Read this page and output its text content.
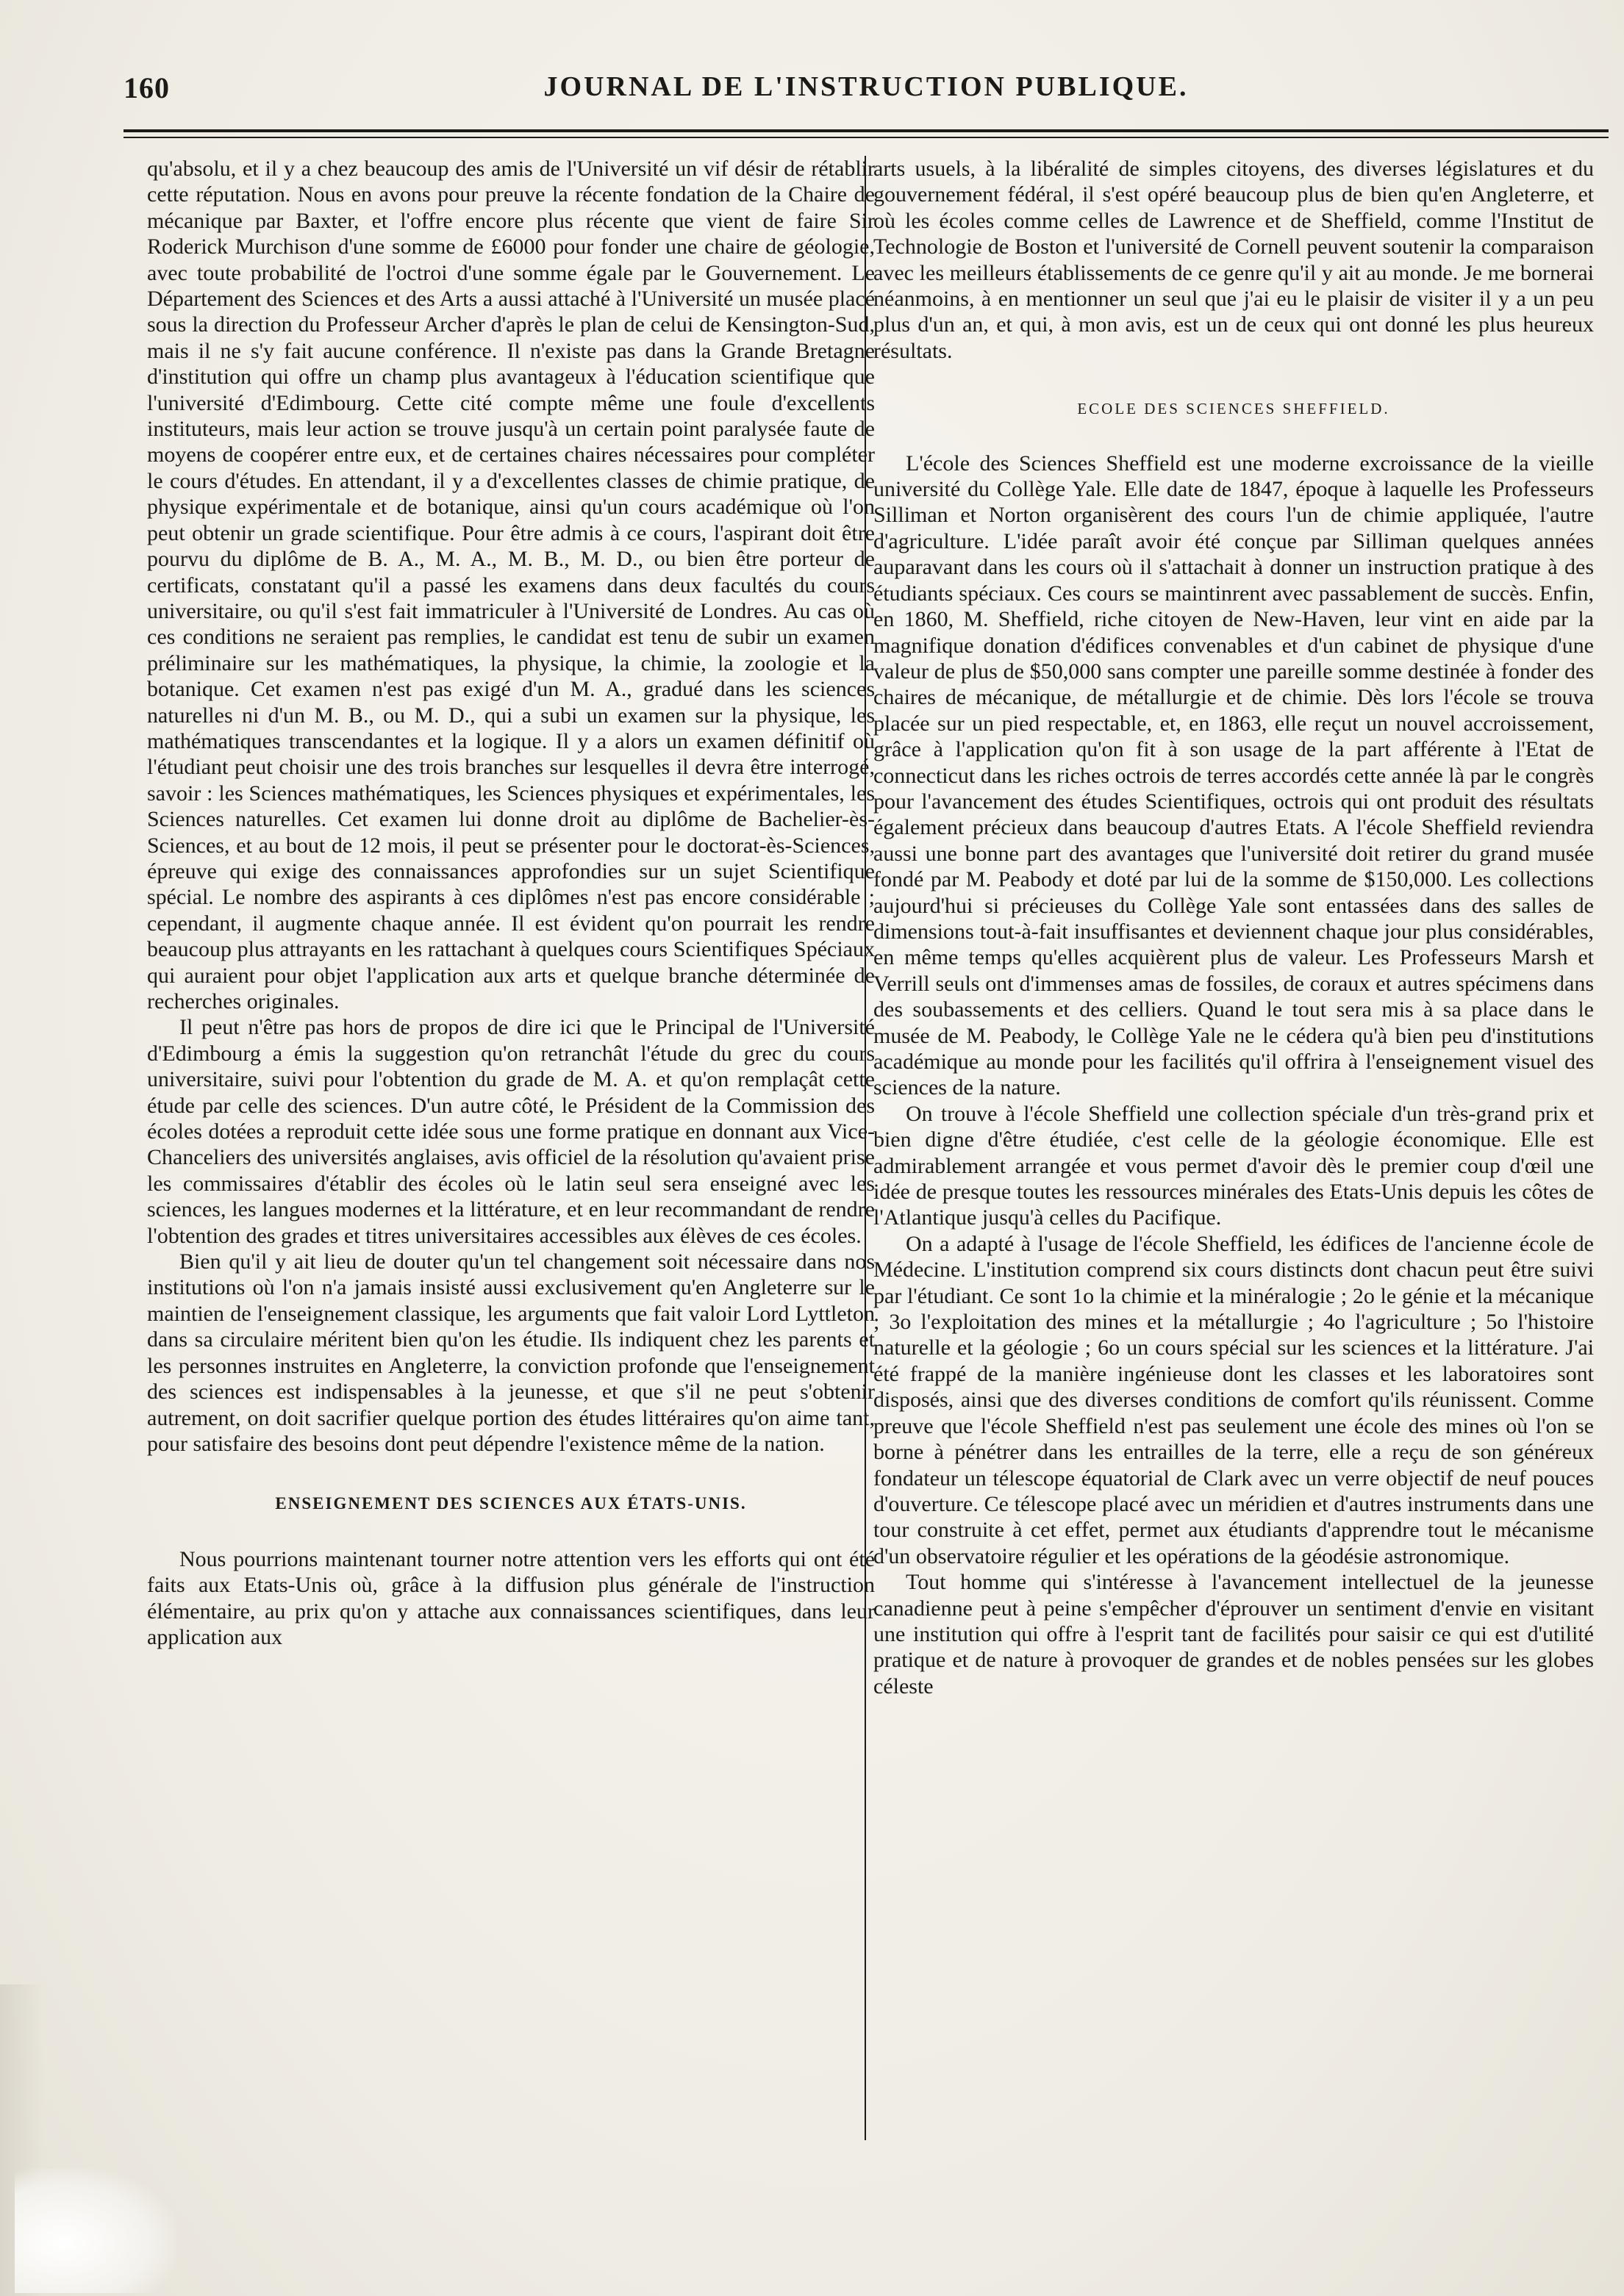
160	JOURNAL DE L'INSTRUCTION PUBLIQUE.

qu'absolu, et il y a chez beaucoup des amis de l'Université un vif désir de rétablir cette réputation. Nous en avons pour preuve la récente fondation de la Chaire de mécanique par Baxter, et l'offre encore plus récente que vient de faire Sir Roderick Murchison d'une somme de £6000 pour fonder une chaire de géologie, avec toute probabilité de l'octroi d'une somme égale par le Gouvernement. Le Département des Sciences et des Arts a aussi attaché à l'Université un musée placé sous la direction du Professeur Archer d'après le plan de celui de Kensington-Sud, mais il ne s'y fait aucune conférence. Il n'existe pas dans la Grande Bretagne d'institution qui offre un champ plus avantageux à l'éducation scientifique que l'université d'Edimbourg. Cette cité compte même une foule d'excellents instituteurs, mais leur action se trouve jusqu'à un certain point paralysée faute de moyens de coopérer entre eux, et de certaines chaires nécessaires pour compléter le cours d'études. En attendant, il y a d'excellentes classes de chimie pratique, de physique expérimentale et de botanique, ainsi qu'un cours académique où l'on peut obtenir un grade scientifique. Pour être admis à ce cours, l'aspirant doit être pourvu du diplôme de B. A., M. A., M. B., M. D., ou bien être porteur de certificats, constatant qu'il a passé les examens dans deux facultés du cours universitaire, ou qu'il s'est fait immatriculer à l'Université de Londres. Au cas où ces conditions ne seraient pas remplies, le candidat est tenu de subir un examen préliminaire sur les mathématiques, la physique, la chimie, la zoologie et la botanique. Cet examen n'est pas exigé d'un M. A., gradué dans les sciences naturelles ni d'un M. B., ou M. D., qui a subi un examen sur la physique, les mathématiques transcendantes et la logique. Il y a alors un examen définitif où l'étudiant peut choisir une des trois branches sur lesquelles il devra être interrogé, savoir : les Sciences mathématiques, les Sciences physiques et expérimentales, les Sciences naturelles. Cet examen lui donne droit au diplôme de Bachelier-ès-Sciences, et au bout de 12 mois, il peut se présenter pour le doctorat-ès-Sciences, épreuve qui exige des connaissances approfondies sur un sujet Scientifique spécial. Le nombre des aspirants à ces diplômes n'est pas encore considérable ; cependant, il augmente chaque année. Il est évident qu'on pourrait les rendre beaucoup plus attrayants en les rattachant à quelques cours Scientifiques Spéciaux qui auraient pour objet l'application aux arts et quelque branche déterminée de recherches originales.

Il peut n'être pas hors de propos de dire ici que le Principal de l'Université d'Edimbourg a émis la suggestion qu'on retranchât l'étude du grec du cours universitaire, suivi pour l'obtention du grade de M. A. et qu'on remplaçât cette étude par celle des sciences. D'un autre côté, le Président de la Commission des écoles dotées a reproduit cette idée sous une forme pratique en donnant aux Vice-Chanceliers des universités anglaises, avis officiel de la résolution qu'avaient prise les commissaires d'établir des écoles où le latin seul sera enseigné avec les sciences, les langues modernes et la littérature, et en leur recommandant de rendre l'obtention des grades et titres universitaires accessibles aux élèves de ces écoles.

Bien qu'il y ait lieu de douter qu'un tel changement soit nécessaire dans nos institutions où l'on n'a jamais insisté aussi exclusivement qu'en Angleterre sur le maintien de l'enseignement classique, les arguments que fait valoir Lord Lyttleton dans sa circulaire méritent bien qu'on les étudie. Ils indiquent chez les parents et les personnes instruites en Angleterre, la conviction profonde que l'enseignement des sciences est indispensables à la jeunesse, et que s'il ne peut s'obtenir autrement, on doit sacrifier quelque portion des études littéraires qu'on aime tant, pour satisfaire des besoins dont peut dépendre l'existence même de la nation.

ENSEIGNEMENT DES SCIENCES AUX ÉTATS-UNIS.

Nous pourrions maintenant tourner notre attention vers les efforts qui ont été faits aux Etats-Unis où, grâce à la diffusion plus générale de l'instruction élémentaire, au prix qu'on y attache aux connaissances scientifiques, dans leur application aux

arts usuels, à la libéralité de simples citoyens, des diverses législatures et du gouvernement fédéral, il s'est opéré beaucoup plus de bien qu'en Angleterre, et où les écoles comme celles de Lawrence et de Sheffield, comme l'Institut de Technologie de Boston et l'université de Cornell peuvent soutenir la comparaison avec les meilleurs établissements de ce genre qu'il y ait au monde. Je me bornerai néanmoins, à en mentionner un seul que j'ai eu le plaisir de visiter il y a un peu plus d'un an, et qui, à mon avis, est un de ceux qui ont donné les plus heureux résultats.

ECOLE DES SCIENCES SHEFFIELD.

L'école des Sciences Sheffield est une moderne excroissance de la vieille université du Collège Yale. Elle date de 1847, époque à laquelle les Professeurs Silliman et Norton organisèrent des cours l'un de chimie appliquée, l'autre d'agriculture. L'idée paraît avoir été conçue par Silliman quelques années auparavant dans les cours où il s'attachait à donner un instruction pratique à des étudiants spéciaux. Ces cours se maintinrent avec passablement de succès. Enfin, en 1860, M. Sheffield, riche citoyen de New-Haven, leur vint en aide par la magnifique donation d'édifices convenables et d'un cabinet de physique d'une valeur de plus de $50,000 sans compter une pareille somme destinée à fonder des chaires de mécanique, de métallurgie et de chimie. Dès lors l'école se trouva placée sur un pied respectable, et, en 1863, elle reçut un nouvel accroissement, grâce à l'application qu'on fit à son usage de la part afférente à l'Etat de connecticut dans les riches octrois de terres accordés cette année là par le congrès pour l'avancement des études Scientifiques, octrois qui ont produit des résultats également précieux dans beaucoup d'autres Etats. A l'école Sheffield reviendra aussi une bonne part des avantages que l'université doit retirer du grand musée fondé par M. Peabody et doté par lui de la somme de $150,000. Les collections aujourd'hui si précieuses du Collège Yale sont entassées dans des salles de dimensions tout-à-fait insuffisantes et deviennent chaque jour plus considérables, en même temps qu'elles acquièrent plus de valeur. Les Professeurs Marsh et Verrill seuls ont d'immenses amas de fossiles, de coraux et autres spécimens dans des soubassements et des celliers. Quand le tout sera mis à sa place dans le musée de M. Peabody, le Collège Yale ne le cédera qu'à bien peu d'institutions académique au monde pour les facilités qu'il offrira à l'enseignement visuel des sciences de la nature.

On trouve à l'école Sheffield une collection spéciale d'un très-grand prix et bien digne d'être étudiée, c'est celle de la géologie économique. Elle est admirablement arrangée et vous permet d'avoir dès le premier coup d'œil une idée de presque toutes les ressources minérales des Etats-Unis depuis les côtes de l'Atlantique jusqu'à celles du Pacifique.

On a adapté à l'usage de l'école Sheffield, les édifices de l'ancienne école de Médecine. L'institution comprend six cours distincts dont chacun peut être suivi par l'étudiant. Ce sont 1o la chimie et la minéralogie ; 2o le génie et la mécanique ; 3o l'exploitation des mines et la métallurgie ; 4o l'agriculture ; 5o l'histoire naturelle et la géologie ; 6o un cours spécial sur les sciences et la littérature. J'ai été frappé de la manière ingénieuse dont les classes et les laboratoires sont disposés, ainsi que des diverses conditions de comfort qu'ils réunissent. Comme preuve que l'école Sheffield n'est pas seulement une école des mines où l'on se borne à pénétrer dans les entrailles de la terre, elle a reçu de son généreux fondateur un télescope équatorial de Clark avec un verre objectif de neuf pouces d'ouverture. Ce télescope placé avec un méridien et d'autres instruments dans une tour construite à cet effet, permet aux étudiants d'apprendre tout le mécanisme d'un observatoire régulier et les opérations de la géodésie astronomique.

Tout homme qui s'intéresse à l'avancement intellectuel de la jeunesse canadienne peut à peine s'empêcher d'éprouver un sentiment d'envie en visitant une institution qui offre à l'esprit tant de facilités pour saisir ce qui est d'utilité pratique et de nature à provoquer de grandes et de nobles pensées sur les globes céleste
